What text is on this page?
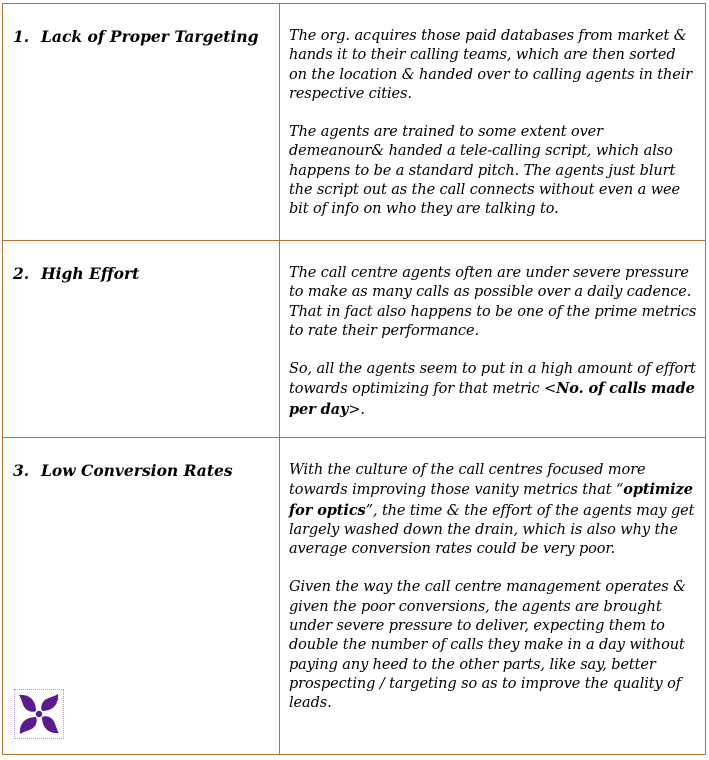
1. Lack of Proper Targeting	The org. acquires those paid databases from market & hands it to their calling teams, which are then sorted on the location & handed over to calling agents in their respective cities.

The agents are trained to some extent over demeanour& handed a tele-calling script, which also happens to be a standard pitch. The agents just blurt the script out as the call connects without even a wee bit of info on who they are talking to.

2. High Effort	The call centre agents often are under severe pressure to make as many calls as possible over a daily cadence. That in fact also happens to be one of the prime metrics to rate their performance.

So, all the agents seem to put in a high amount of effort towards optimizing for that metric <No. of calls made per day>.

3. Low Conversion Rates	With the culture of the call centres focused more towards improving those vanity metrics that “optimize for optics”, the time & the effort of the agents may get largely washed down the drain, which is also why the average conversion rates could be very poor.

Given the way the call centre management operates & given the poor conversions, the agents are brought under severe pressure to deliver, expecting them to double the number of calls they make in a day without paying any heed to the other parts, like say, better prospecting / targeting so as to improve the quality of leads.
